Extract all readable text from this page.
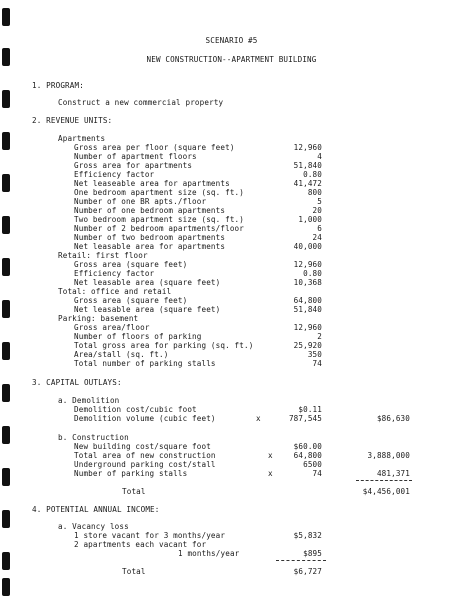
SCENARIO #5
NEW CONSTRUCTION--APARTMENT BUILDING
1. PROGRAM:
Construct a new commercial property
2. REVENUE UNITS:
Apartments
Gross area per floor (square feet)	12,960
Number of apartment floors	4
Gross area for apartments	51,840
Efficiency factor	0.80
Net leaseable area for apartments	41,472
One bedroom apartment size (sq. ft.)	800
Number of one BR apts./floor	5
Number of one bedroom apartments	20
Two bedroom apartment size (sq. ft.)	1,000
Number of 2 bedroom apartments/floor	6
Number of two bedroom apartments	24
Net leasable area for apartments	40,000
Retail: first floor
Gross area (square feet)	12,960
Efficiency factor	0.80
Net leasable area (square feet)	10,368
Total: office and retail
Gross area (square feet)	64,800
Net leasable area (square feet)	51,840
Parking: basement
Gross area/floor	12,960
Number of floors of parking	2
Total gross area for parking (sq. ft.)	25,920
Area/stall (sq. ft.)	350
Total number of parking stalls	74
3. CAPITAL OUTLAYS:
a. Demolition
Demolition cost/cubic foot	$0.11
Demolition volume (cubic feet)	x	787,545	$86,630
b. Construction
New building cost/square foot	$60.00
Total area of new construction	x	64,800	3,888,000
Underground parking cost/stall	6500
Number of parking stalls	x	74	481,371
Total	$4,456,001
4. POTENTIAL ANNUAL INCOME:
a. Vacancy loss
1 store vacant for 3 months/year	$5,832
2 apartments each vacant for
1 months/year	$895
Total	$6,727
